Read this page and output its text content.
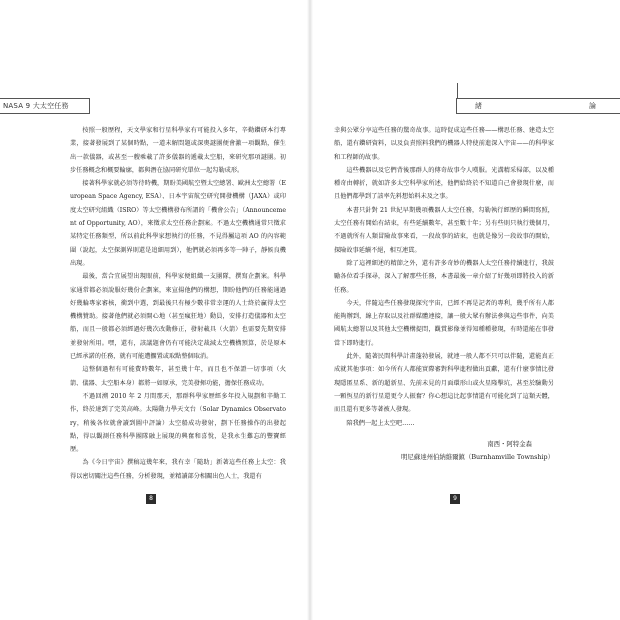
NASA 9 大太空任務

按照一般歷程，天文學家和行星科學家有可能投入多年，辛勤鑽研本行專業，接著發展到了某個時點，一道未解問題或深奧謎團便會激一項觀點，催生出一款儀器，或甚至一艘乘載了許多儀器的遞載太空船，來研究那項謎團。初步任務概念和概要輪廓，都與潛在協同研究單位一起勾勒成形。

接著科學家就必須等待時機，期盼美國航空暨太空總署、歐洲太空總署（European Space Agency, ESA）、日本宇宙航空研究開發機構（JAXA）或印度太空研究組織（ISRO）等太空機構發布所謂的「機會公告」（Announcement of Opportunity, AO），來徵求太空任務企劃案。不過太空機構通常只徵求某特定任務類型，所以前此科學家想執行的任務，不見得屬這項 AO 的內容範圍（說起，太空探測界則還是追細用到），他們就必須再多等一陣子，靜候良機出現。

最後，當合宜展望出現眼前，科學家便組織一支團隊，撰寫企劃案。科學家通常都必須說服好幾份企劃案，來宣揚他們的構想，期盼他們的任務能通過好幾輪專家審核，衝到中選，到最後只有極少數非常幸運的人士終於贏得太空機構贊助。接著他們就必須開心地（甚至瘋狂地）動員，安排打造儀器和太空船，而且一般都必須經過好幾次改動修正，發射載具（火箭）也需要先期安排並發射所用。嘿，還有，該議題會仍有可能決定裁減太空機構預算，於是原本已經承諾的任務，就有可能遭擱置或取點整個取消。

這整個過程有可能費時數年，甚至幾十年，而且也不保證一切事項（火箭、儀器、太空船本身）都將一如原承，完美發揮功能，擔保任務成功。

不過回溯 2010 年 2 月間那天，那群科學家歷經多年投入規劃和辛勤工作，終於達到了完美高峰。太陽動力學天文台（Solar Dynamics Observatory，稍後各位就會讀到圖中評論）太空船成功發射，劃下任務操作的出發起點，得以觀測任務科學團隊融上展現的興奮和喜悅，是我永生難忘的豐寶經歷。

為《今日宇宙》撰稿這幾年來，我有幸「隨助」新著這些任務上太空：我得以密切關注這些任務，分析發現，並精讀部分相關出色人士，我還有

8
緒	論

幸與公眾分享這些任務的驚奇故事。這時促成這些任務——構思任務、建造太空船，還有鑽研資料，以及負責照料我們的機器人特使前進深入宇宙——的科學家和工程師的故事。

這些機器以及它們背後那群人的傳奇故事令人嘆服。光溝精采帰部，以及種種奇由轉折，就如許多太空科學家所述，他們給終於不知道自己會發現什麼，而且他們都學到了該率先料想始料未及之事。

本書只針對 21 世紀早期幾項機器人太空任務，勾勒執行經歷的瞬間寫照，太空任務有開始有結束，有些延續數年，甚至數十年；另有些則只執行幾個月，不過就所有人類冒險故事來看，一段故事的結束，也就是像另一段故事的開始，探險故事延續不絕，相互連貫。

除了這裡細述的精節之外，還有許多奇妙的機器人太空任務持續進行，我鼓勵各位看手探尋，深入了解那些任務，本書最後一章介紹了好幾項即將投入的新任務。

今天，伴隨這些任務發現探究宇宙，已經不再是記者的專利，幾乎所有人都能夠辦到，線上存取以及社群媒體連接，讓一般大眾有辦法參與這些事件，向美國航太總署以及其他太空機構提問，觀賞影像並得知種種發現，有時還能在事發當下即時進行。

此外，隨著民間科學計畫蓬勃發展，就連一般人都不只可以伴隨，還能真正成就其他事項：如今所有人都能實際審對科學進程做出貢獻，還有什麼事情比發現隱匿星系、新的超新星、先前未見的月面環形山或火星隆擊坑，甚至於驗動另一顆恆星的新行星還更令人振奮？你心想這比起事情還有可能化到了這類天體，而且還有更多等著被人發現。

陪我們一起上太空吧……

南西・阿特金森
明尼蘇達州伯納維爾鎮（Burnhamville Township）
9
